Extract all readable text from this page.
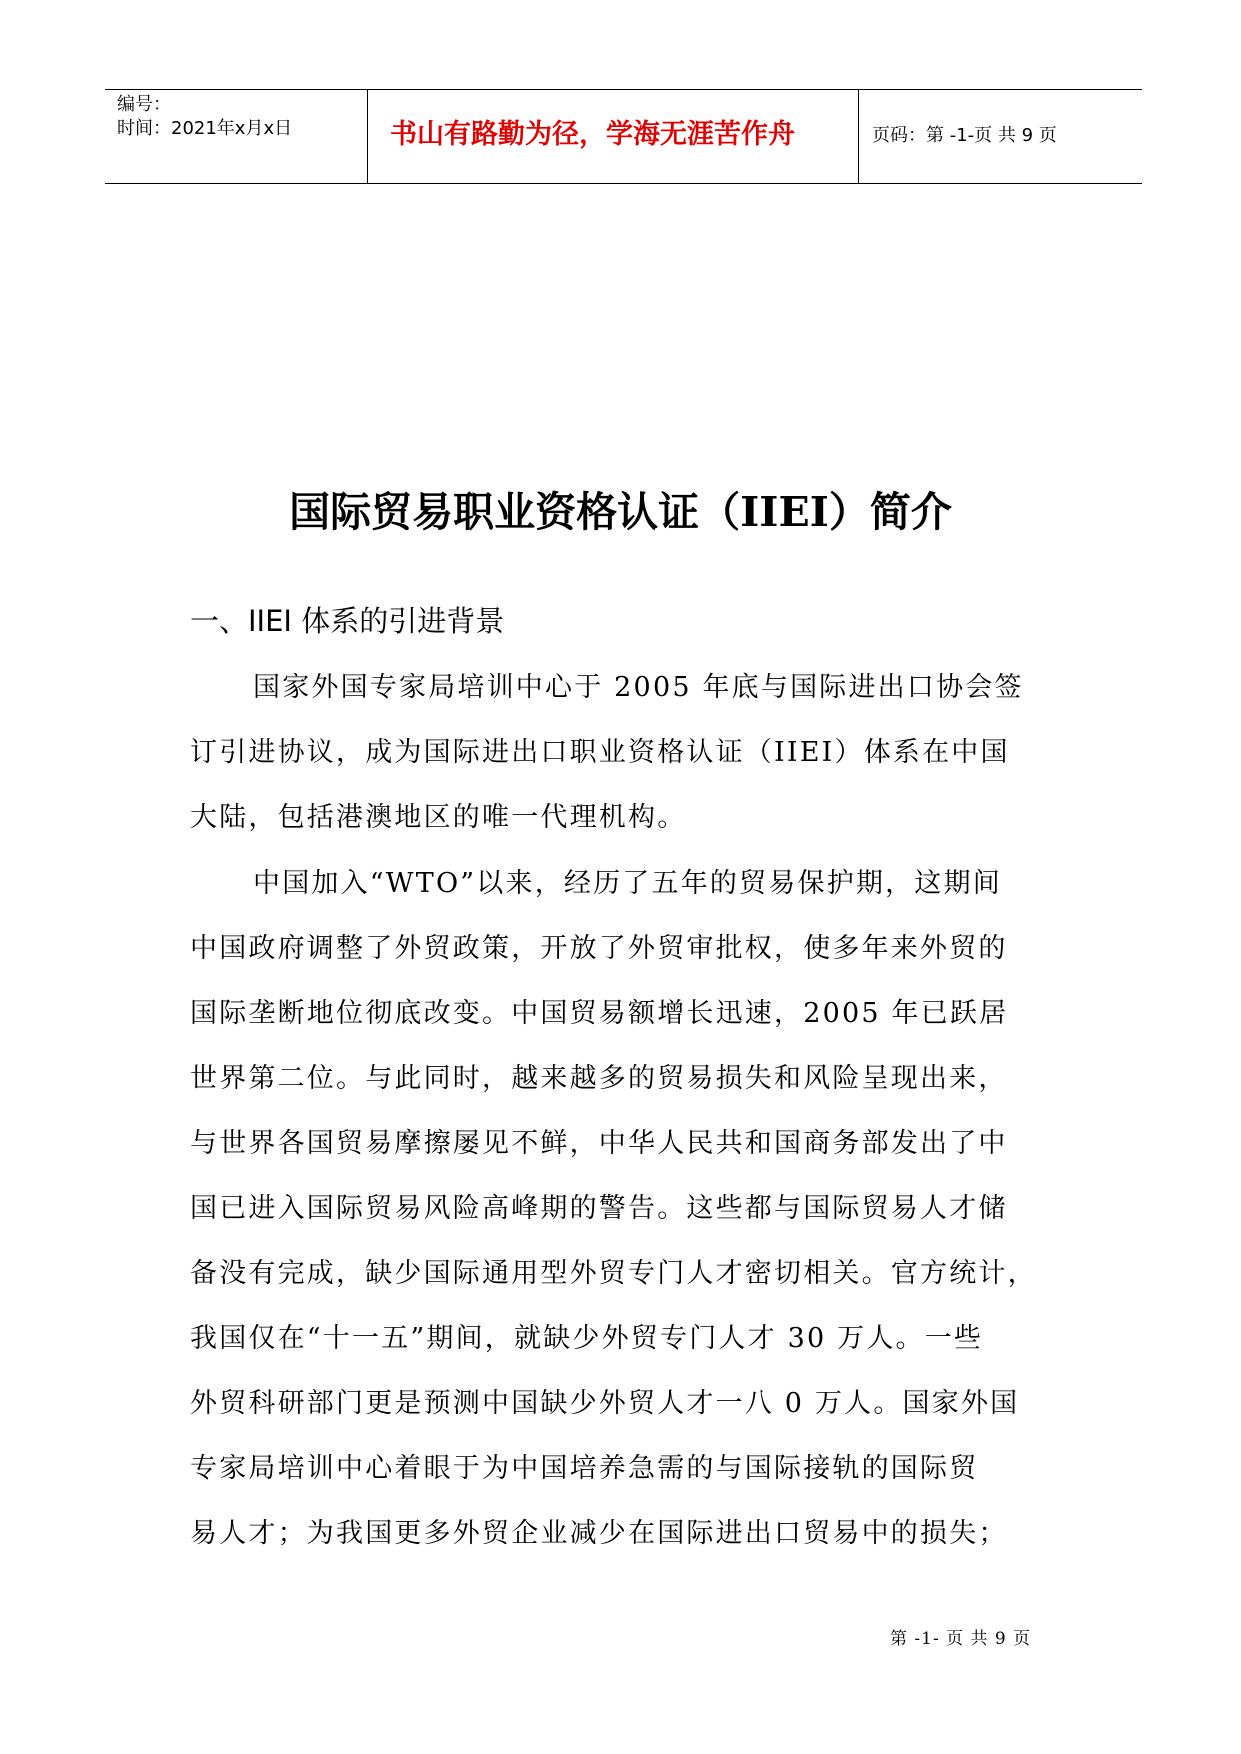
编号：
时间：2021年x月x日	书山有路勤为径，学海无涯苦作舟	页码：第 -1-页 共 9 页
国际贸易职业资格认证（IIEI）简介
一、IIEI 体系的引进背景
国家外国专家局培训中心于 2005 年底与国际进出口协会签
订引进协议，成为国际进出口职业资格认证（IIEI）体系在中国
大陆，包括港澳地区的唯一代理机构。
中国加入“WTO”以来，经历了五年的贸易保护期，这期间
中国政府调整了外贸政策，开放了外贸审批权，使多年来外贸的
国际垄断地位彻底改变。中国贸易额增长迅速，2005 年已跃居
世界第二位。与此同时，越来越多的贸易损失和风险呈现出来，
与世界各国贸易摩擦屡见不鲜，中华人民共和国商务部发出了中
国已进入国际贸易风险高峰期的警告。这些都与国际贸易人才储
备没有完成，缺少国际通用型外贸专门人才密切相关。官方统计，
我国仅在“十一五”期间，就缺少外贸专门人才 30 万人。一些
外贸科研部门更是预测中国缺少外贸人才一八 0 万人。国家外国
专家局培训中心着眼于为中国培养急需的与国际接轨的国际贸
易人才；为我国更多外贸企业减少在国际进出口贸易中的损失；
第 -1- 页 共 9 页
